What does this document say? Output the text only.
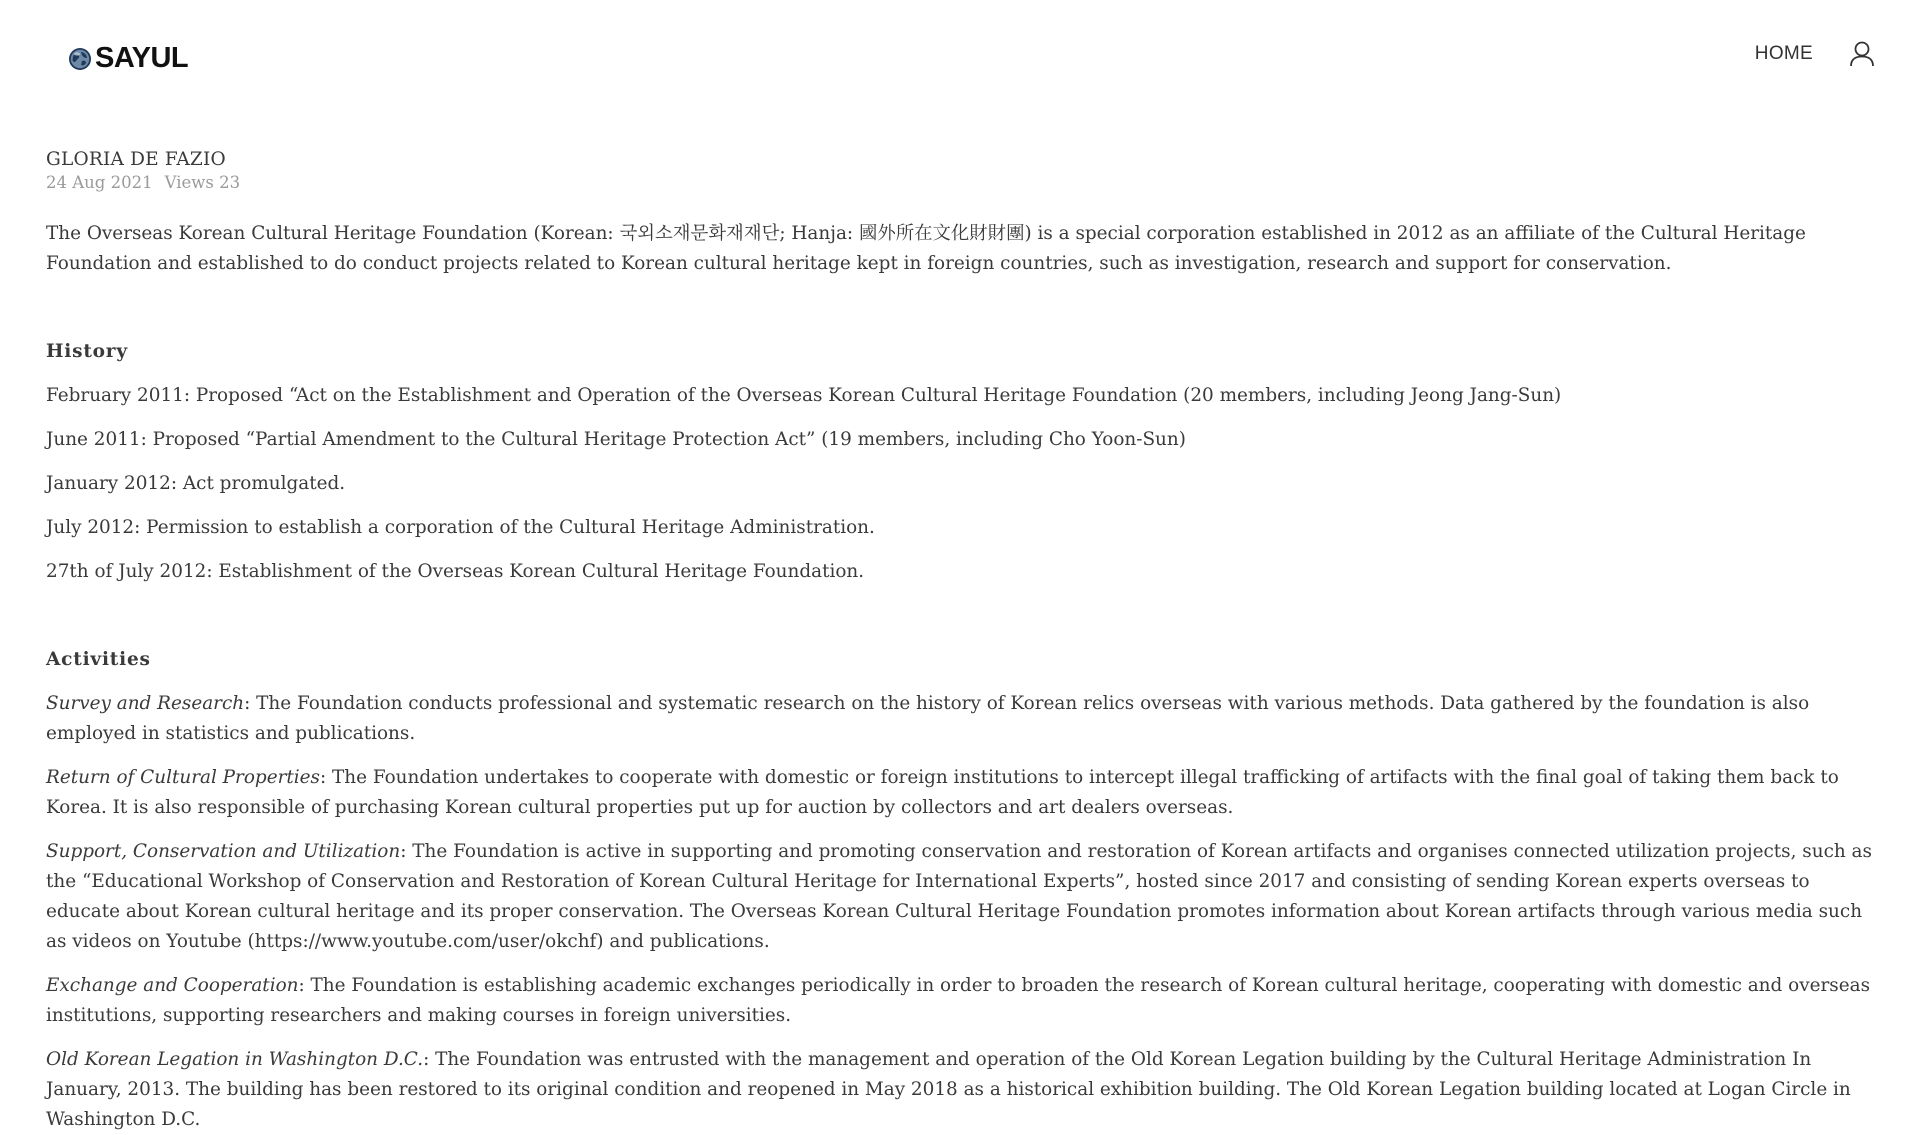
SAYUL	HOME
GLORIA DE FAZIO
24 Aug 2021 Views 23

The Overseas Korean Cultural Heritage Foundation (Korean: 국외소재문화재재단; Hanja: 國外所在文化財財團) is a special corporation established in 2012 as an affiliate of the Cultural Heritage Foundation and established to do conduct projects related to Korean cultural heritage kept in foreign countries, such as investigation, research and support for conservation.

History

February 2011: Proposed “Act on the Establishment and Operation of the Overseas Korean Cultural Heritage Foundation (20 members, including Jeong Jang-Sun)

June 2011: Proposed “Partial Amendment to the Cultural Heritage Protection Act” (19 members, including Cho Yoon-Sun)

January 2012: Act promulgated.

July 2012: Permission to establish a corporation of the Cultural Heritage Administration.

27th of July 2012: Establishment of the Overseas Korean Cultural Heritage Foundation.

Activities

Survey and Research: The Foundation conducts professional and systematic research on the history of Korean relics overseas with various methods. Data gathered by the foundation is also employed in statistics and publications.

Return of Cultural Properties: The Foundation undertakes to cooperate with domestic or foreign institutions to intercept illegal trafficking of artifacts with the final goal of taking them back to Korea. It is also responsible of purchasing Korean cultural properties put up for auction by collectors and art dealers overseas.

Support, Conservation and Utilization: The Foundation is active in supporting and promoting conservation and restoration of Korean artifacts and organises connected utilization projects, such as the “Educational Workshop of Conservation and Restoration of Korean Cultural Heritage for International Experts”, hosted since 2017 and consisting of sending Korean experts overseas to educate about Korean cultural heritage and its proper conservation. The Overseas Korean Cultural Heritage Foundation promotes information about Korean artifacts through various media such as videos on Youtube (https://www.youtube.com/user/okchf) and publications.

Exchange and Cooperation: The Foundation is establishing academic exchanges periodically in order to broaden the research of Korean cultural heritage, cooperating with domestic and overseas institutions, supporting researchers and making courses in foreign universities.

Old Korean Legation in Washington D.C.: The Foundation was entrusted with the management and operation of the Old Korean Legation building by the Cultural Heritage Administration In January, 2013. The building has been restored to its original condition and reopened in May 2018 as a historical exhibition building. The Old Korean Legation building located at Logan Circle in Washington D.C.
